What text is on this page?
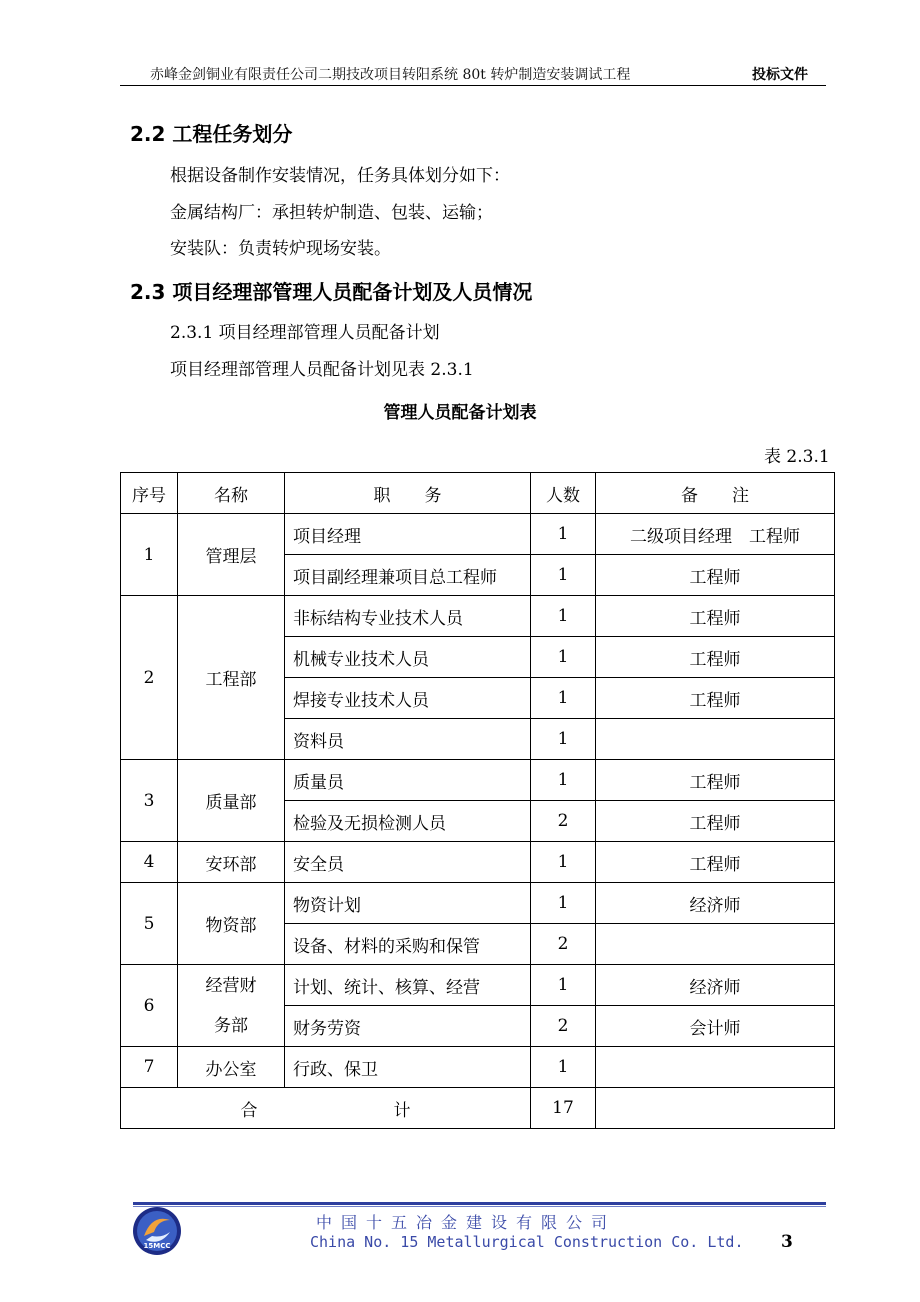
赤峰金剑铜业有限责任公司二期技改项目转阳系统 80t 转炉制造安装调试工程	投标文件
2.2 工程任务划分
根据设备制作安装情况，任务具体划分如下：
金属结构厂：承担转炉制造、包装、运输；
安装队：负责转炉现场安装。
2.3 项目经理部管理人员配备计划及人员情况
2.3.1 项目经理部管理人员配备计划
项目经理部管理人员配备计划见表 2.3.1
管理人员配备计划表
表 2.3.1
序号	名称	职　　务	人数	备　　注
1	管理层	项目经理	1	二级项目经理　工程师
		项目副经理兼项目总工程师	1	工程师
2	工程部	非标结构专业技术人员	1	工程师
		机械专业技术人员	1	工程师
		焊接专业技术人员	1	工程师
		资料员	1	
3	质量部	质量员	1	工程师
		检验及无损检测人员	2	工程师
4	安环部	安全员	1	工程师
5	物资部	物资计划	1	经济师
		设备、材料的采购和保管	2	
6	经营财务部	计划、统计、核算、经营	1	经济师
		财务劳资	2	会计师
7	办公室	行政、保卫	1	
合　　　　　　　　计			17	
15MCC
中国十五冶金建设有限公司
China No. 15 Metallurgical Construction Co. Ltd. 3
